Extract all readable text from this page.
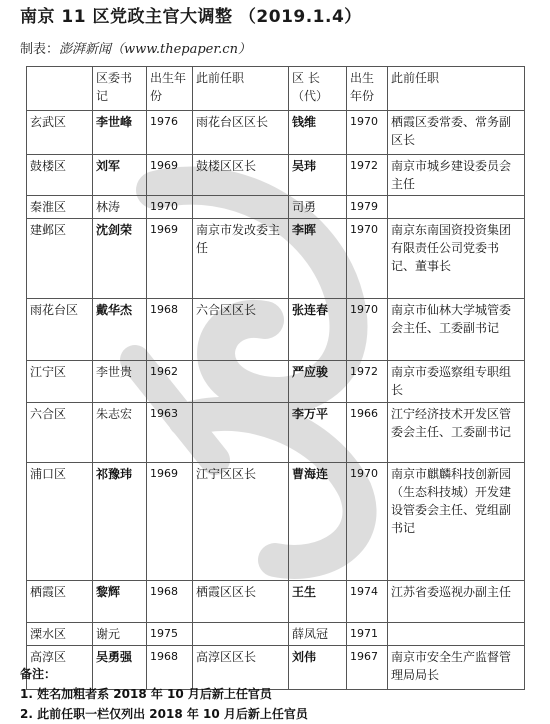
南京 11 区党政主官大调整 （2019.1.4）
制表：澎湃新闻（www.thepaper.cn）
	区委书记	出生年份	此前任职	区 长（代）	出生年份	此前任职
玄武区	李世峰	1976	雨花台区区长	钱维	1970	栖霞区委常委、常务副区长
鼓楼区	刘军	1969	鼓楼区区长	吴玮	1972	南京市城乡建设委员会主任
秦淮区	林涛	1970		司勇	1979	
建邺区	沈剑荣	1969	南京市发改委主任	李晖	1970	南京东南国资投资集团有限责任公司党委书记、董事长
雨花台区	戴华杰	1968	六合区区长	张连春	1970	南京市仙林大学城管委会主任、工委副书记
江宁区	李世贵	1962		严应骏	1972	南京市委巡察组专职组长
六合区	朱志宏	1963		李万平	1966	江宁经济技术开发区管委会主任、工委副书记
浦口区	祁豫玮	1969	江宁区区长	曹海连	1970	南京市麒麟科技创新园（生态科技城）开发建设管委会主任、党组副书记
栖霞区	黎辉	1968	栖霞区区长	王生	1974	江苏省委巡视办副主任
溧水区	谢元	1975		薛凤冠	1971	
高淳区	吴勇强	1968	高淳区区长	刘伟	1967	南京市安全生产监督管理局局长
备注：
1. 姓名加粗者系 2018 年 10 月后新上任官员
2. 此前任职一栏仅列出 2018 年 10 月后新上任官员
